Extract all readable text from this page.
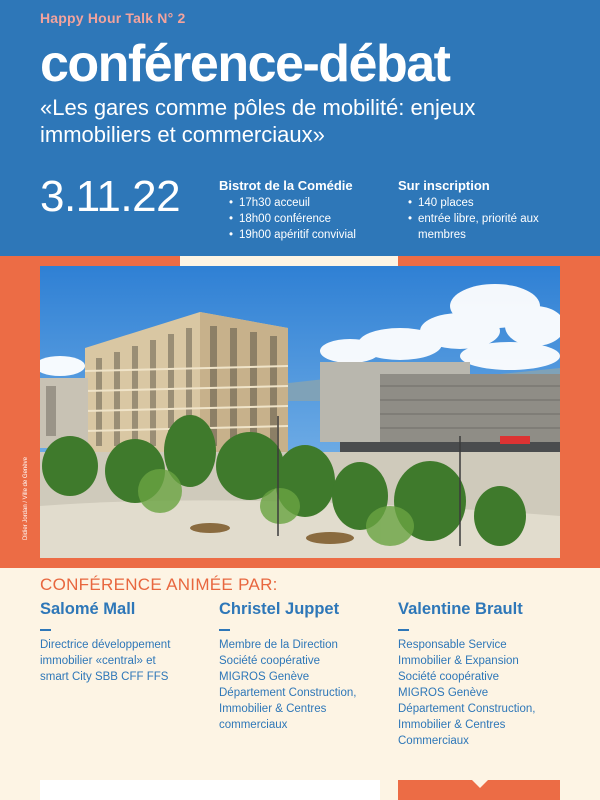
Happy Hour Talk N° 2
conférence-débat
«Les gares comme pôles de mobilité: enjeux immobiliers et commerciaux»
3.11.22	Bistrot de la Comédie
• 17h30 acceuil
• 18h00 conférence
• 19h00 apéritif convivial
Sur inscription
• 140 places
• entrée libre, priorité aux membres
Didier Jordan / Ville de Genève
CONFÉRENCE ANIMÉE PAR:
Salomé Mall
Directrice développement
immobilier «central» et
smart City SBB CFF FFS
Christel Juppet
Membre de la Direction
Société coopérative
MIGROS Genève
Département Construction,
Immobilier & Centres
commerciaux
Valentine Brault
Responsable Service
Immobilier & Expansion
Société coopérative
MIGROS Genève
Département Construction,
Immobilier & Centres
Commerciaux
